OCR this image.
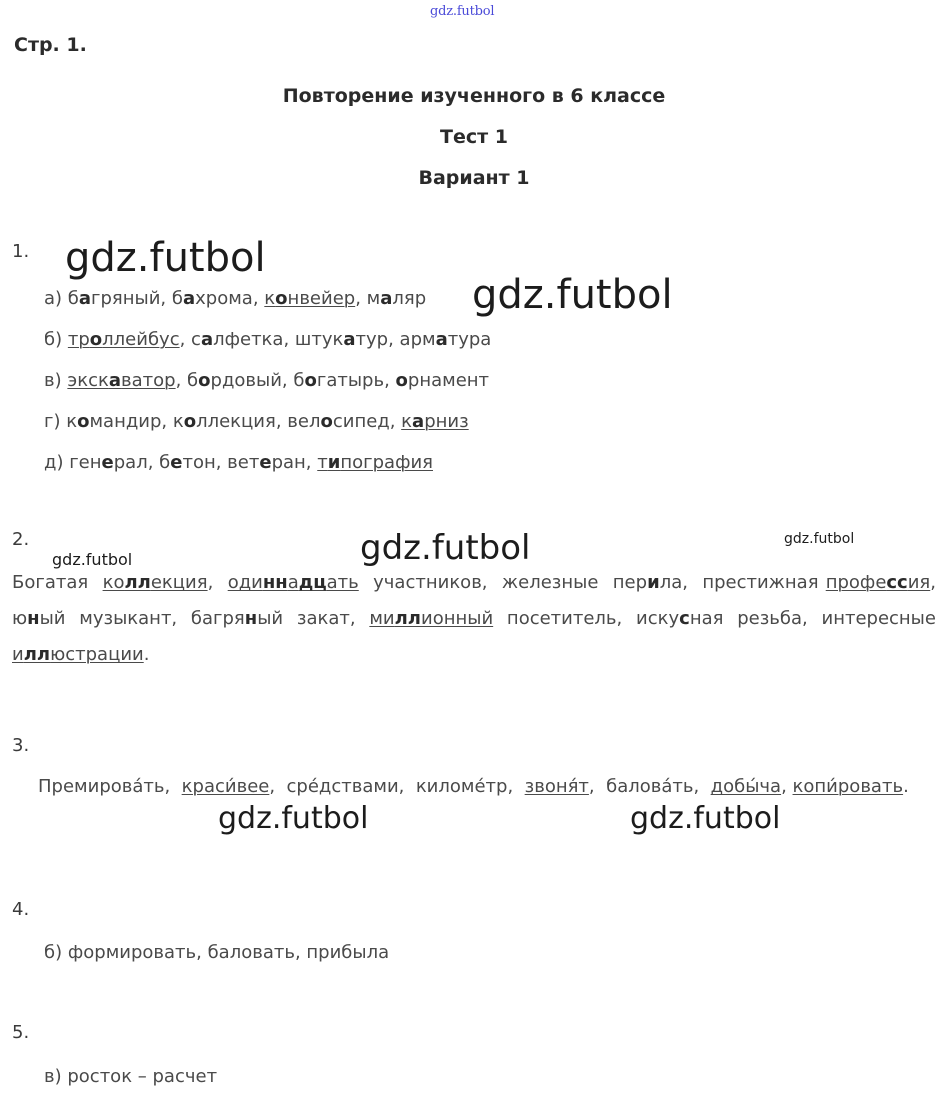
gdz.futbol
Стр. 1.
Повторение изученного в 6 классе
Тест 1
Вариант 1
1.
а) багряный, бахрома, конвейер, маляр
б) троллейбус, салфетка, штукатур, арматура
в) экскаватор, бордовый, богатырь, орнамент
г) командир, коллекция, велосипед, карниз
д) генерал, бетон, ветеран, типография
2.
Богатая  коллекция,  одиннадцать  участников,  железные  перила,  престижная профессия, юный музыкант, багряный закат, миллионный посетитель, искусная резьба, интересные иллюстрации.
3.
Премирова́ть,  краси́вее,  сре́дствами,  киломе́тр,  звоня́т,  балова́ть,  добы́ча, копи́ровать.
4.
б) формировать, баловать, прибыла
5.
в) росток – расчет
gdz.futbol
gdz.futbol
gdz.futbol	gdz.futbol	gdz.futbol
gdz.futbol	gdz.futbol
